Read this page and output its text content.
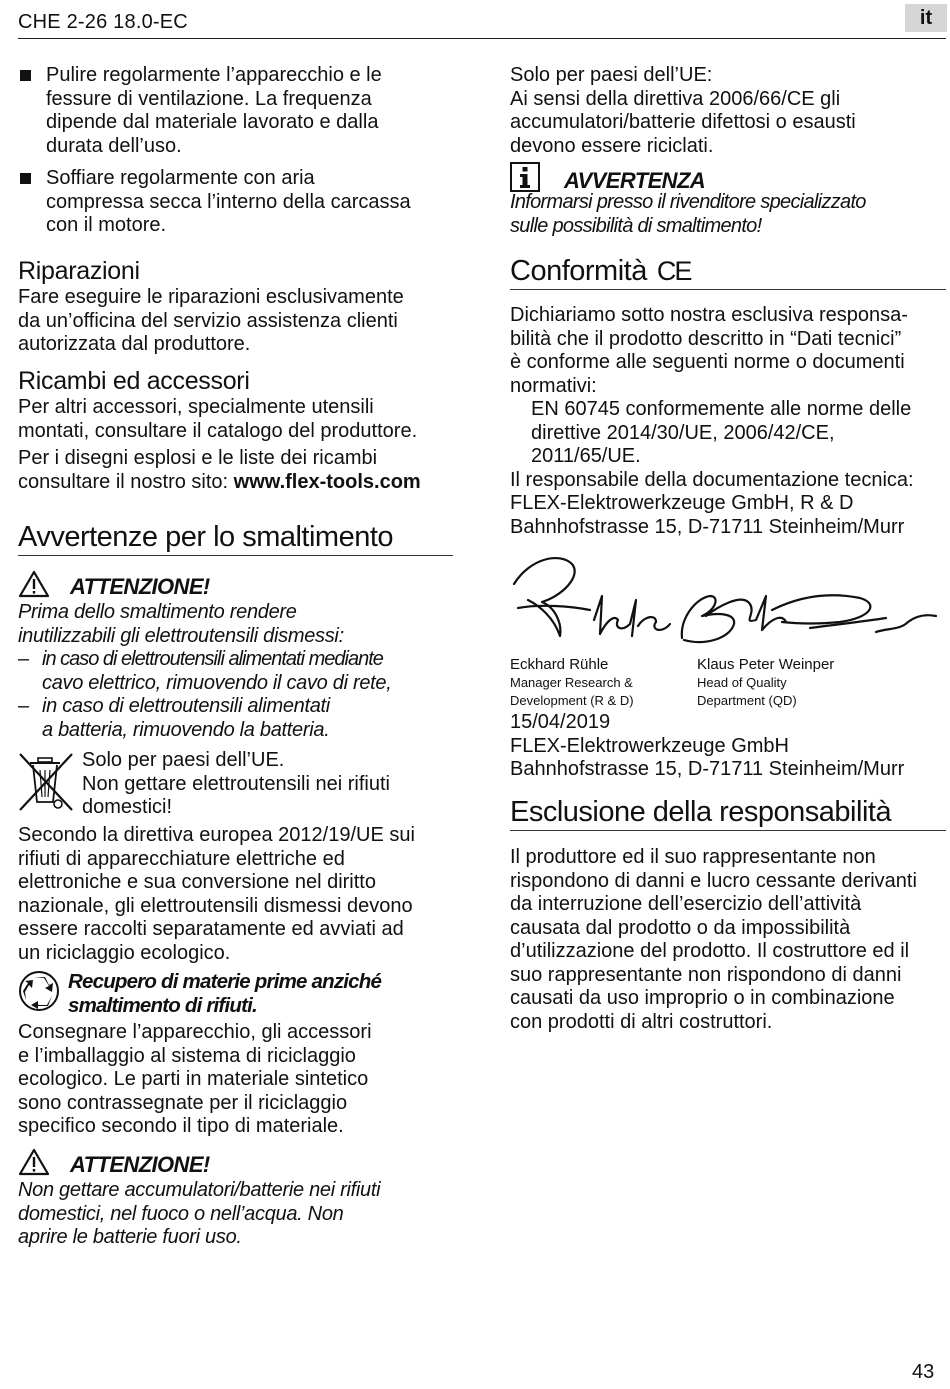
CHE 2-26 18.0-EC	it
Pulire regolarmente l’apparecchio e le
fessure di ventilazione. La frequenza
dipende dal materiale lavorato e dalla
durata dell’uso.
Soffiare regolarmente con aria
compressa secca l’interno della carcassa
con il motore.
Riparazioni
Fare eseguire le riparazioni esclusivamente
da un’officina del servizio assistenza clienti
autorizzata dal produttore.
Ricambi ed accessori
Per altri accessori, specialmente utensili
montati, consultare il catalogo del produttore.
Per i disegni esplosi e le liste dei ricambi
consultare il nostro sito: www.flex-tools.com
Avvertenze per lo smaltimento
ATTENZIONE!
Prima dello smaltimento rendere
inutilizzabili gli elettroutensili dismessi:
– in caso di elettroutensili alimentati mediante
cavo elettrico, rimuovendo il cavo di rete,
– in caso di elettroutensili alimentati
a batteria, rimuovendo la batteria.
Solo per paesi dell’UE.
Non gettare elettroutensili nei rifiuti
domestici!
Secondo la direttiva europea 2012/19/UE sui
rifiuti di apparecchiature elettriche ed
elettroniche e sua conversione nel diritto
nazionale, gli elettroutensili dismessi devono
essere raccolti separatamente ed avviati ad
un riciclaggio ecologico.
Recupero di materie prime anziché
smaltimento di rifiuti.
Consegnare l’apparecchio, gli accessori
e l’imballaggio al sistema di riciclaggio
ecologico. Le parti in materiale sintetico
sono contrassegnate per il riciclaggio
specifico secondo il tipo di materiale.
ATTENZIONE!
Non gettare accumulatori/batterie nei rifiuti
domestici, nel fuoco o nell’acqua. Non
aprire le batterie fuori uso.
Solo per paesi dell’UE:
Ai sensi della direttiva 2006/66/CE gli
accumulatori/batterie difettosi o esausti
devono essere riciclati.
AVVERTENZA
Informarsi presso il rivenditore specializzato
sulle possibilità di smaltimento!
Conformità CE
Dichiariamo sotto nostra esclusiva responsa-
bilità che il prodotto descritto in “Dati tecnici”
è conforme alle seguenti norme o documenti
normativi:
EN 60745 conformemente alle norme delle
direttive 2014/30/UE, 2006/42/CE,
2011/65/UE.
Il responsabile della documentazione tecnica:
FLEX-Elektrowerkzeuge GmbH, R & D
Bahnhofstrasse 15, D-71711 Steinheim/Murr
Eckhard Rühle
Manager Research &
Development (R & D)
Klaus Peter Weinper
Head of Quality
Department (QD)
15/04/2019
FLEX-Elektrowerkzeuge GmbH
Bahnhofstrasse 15, D-71711 Steinheim/Murr
Esclusione della responsabilità
Il produttore ed il suo rappresentante non
rispondono di danni e lucro cessante derivanti
da interruzione dell’esercizio dell’attività
causata dal prodotto o da impossibilità
d’utilizzazione del prodotto. Il costruttore ed il
suo rappresentante non rispondono di danni
causati da uso improprio o in combinazione
con prodotti di altri costruttori.
43
